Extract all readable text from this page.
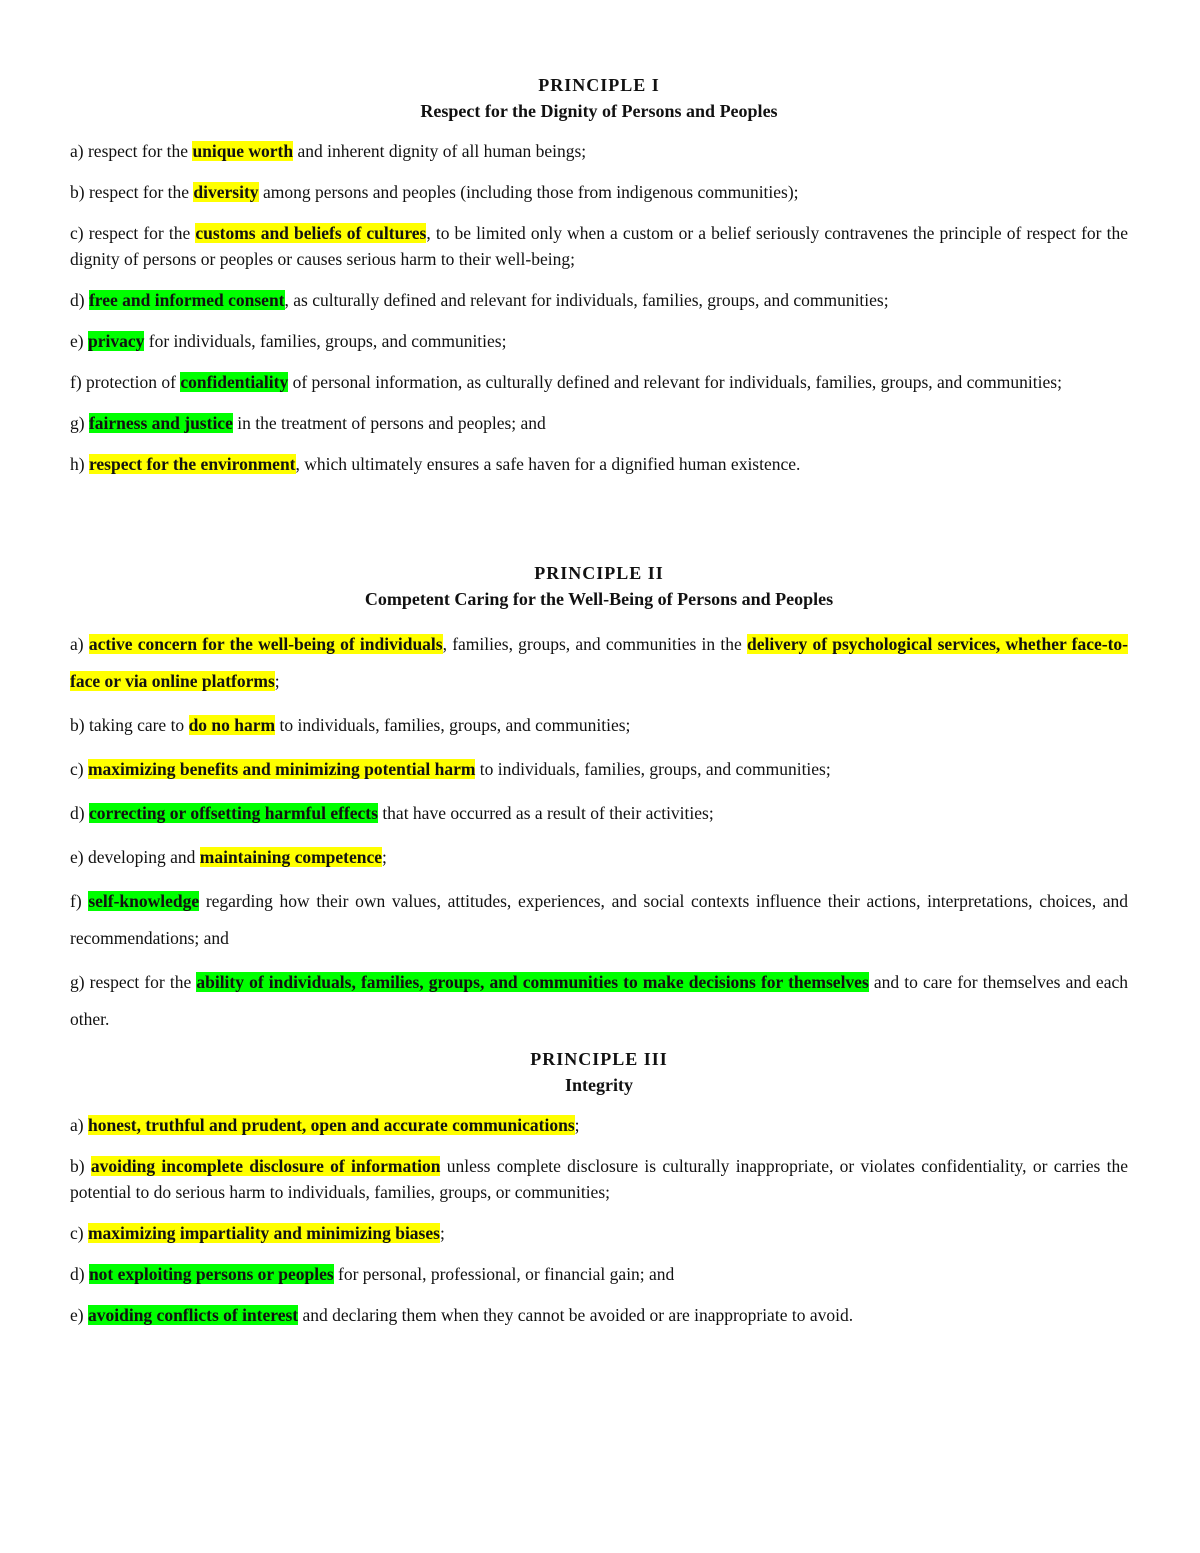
PRINCIPLE I
Respect for the Dignity of Persons and Peoples

a) respect for the unique worth and inherent dignity of all human beings;

b) respect for the diversity among persons and peoples (including those from indigenous communities);

c) respect for the customs and beliefs of cultures, to be limited only when a custom or a belief seriously contravenes the principle of respect for the dignity of persons or peoples or causes serious harm to their well-being;

d) free and informed consent, as culturally defined and relevant for individuals, families, groups, and communities;

e) privacy for individuals, families, groups, and communities;

f) protection of confidentiality of personal information, as culturally defined and relevant for individuals, families, groups, and communities;

g) fairness and justice in the treatment of persons and peoples; and

h) respect for the environment, which ultimately ensures a safe haven for a dignified human existence.

PRINCIPLE II
Competent Caring for the Well-Being of Persons and Peoples

a) active concern for the well-being of individuals, families, groups, and communities in the delivery of psychological services, whether face-to-face or via online platforms;

b) taking care to do no harm to individuals, families, groups, and communities;

c) maximizing benefits and minimizing potential harm to individuals, families, groups, and communities;

d) correcting or offsetting harmful effects that have occurred as a result of their activities;

e) developing and maintaining competence;

f) self-knowledge regarding how their own values, attitudes, experiences, and social contexts influence their actions, interpretations, choices, and recommendations; and

g) respect for the ability of individuals, families, groups, and communities to make decisions for themselves and to care for themselves and each other.

PRINCIPLE III
Integrity

a) honest, truthful and prudent, open and accurate communications;

b) avoiding incomplete disclosure of information unless complete disclosure is culturally inappropriate, or violates confidentiality, or carries the potential to do serious harm to individuals, families, groups, or communities;

c) maximizing impartiality and minimizing biases;

d) not exploiting persons or peoples for personal, professional, or financial gain; and

e) avoiding conflicts of interest and declaring them when they cannot be avoided or are inappropriate to avoid.
